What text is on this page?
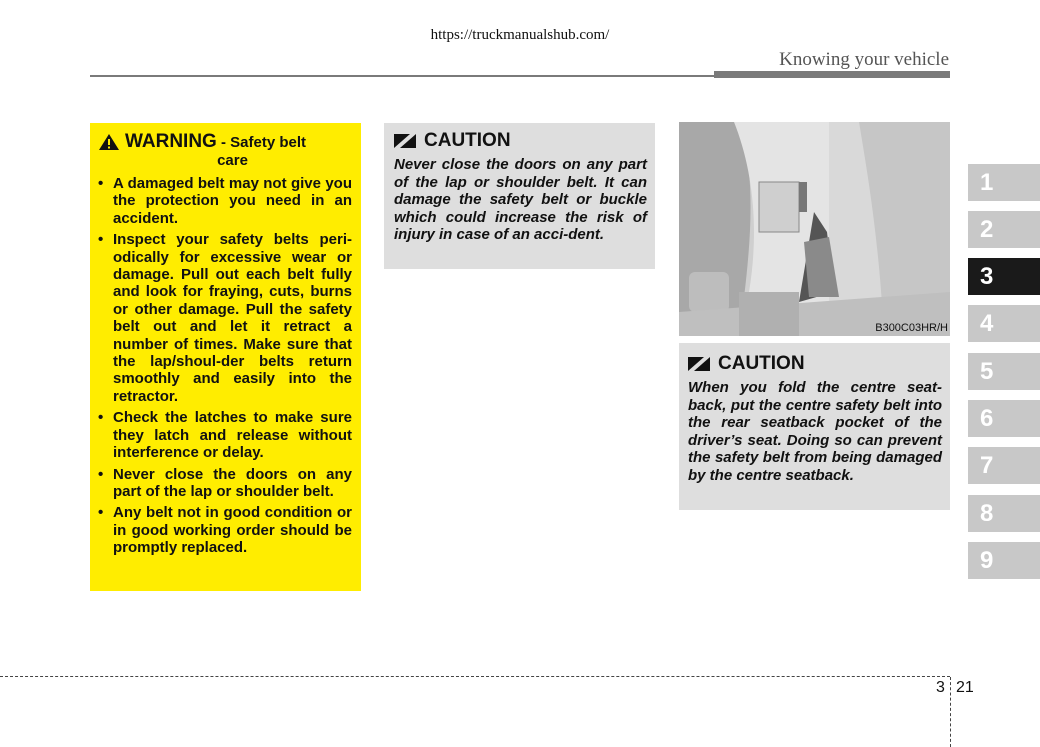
https://truckmanualshub.com/
Knowing your vehicle
WARNING - Safety belt
care
• A damaged belt may not give you the protection you need in an accident.
• Inspect your safety belts peri-odically for excessive wear or damage. Pull out each belt fully and look for fraying, cuts, burns or other damage. Pull the safety belt out and let it retract a number of times. Make sure that the lap/shoul-der belts return smoothly and easily into the retractor.
• Check the latches to make sure they latch and release without interference or delay.
• Never close the doors on any part of the lap or shoulder belt.
• Any belt not in good condition or in good working order should be promptly replaced.
CAUTION
Never close the doors on any part of the lap or shoulder belt. It can damage the safety belt or buckle which could increase the risk of injury in case of an acci-dent.
B300C03HR/H
CAUTION
When you fold the centre seat-back, put the centre safety belt into the rear seatback pocket of the driver’s seat. Doing so can prevent the safety belt from being damaged by the centre seatback.
1
2
3
4
5
6
7
8
9
3 21
